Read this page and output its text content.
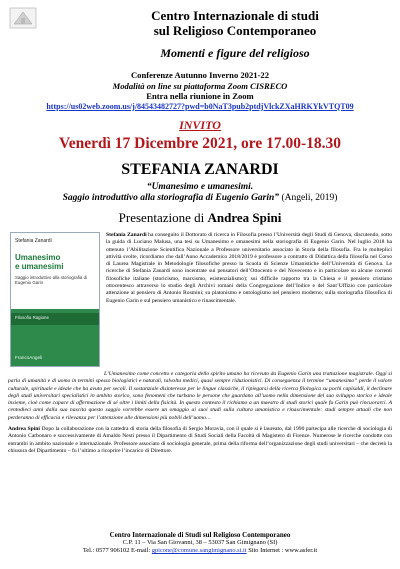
Centro Internazionale di studi
sul Religioso Contemporaneo
Momenti e figure del religioso
Conferenze Autunno Inverno 2021-22
Modalità on line su piattaforma Zoom CISRECO
Entra nella riunione in Zoom
https://us02web.zoom.us/j/84543482727?pwd=b0NaT3pub2ptdjVlckZXaHRKYkVTQT09
INVITO
Venerdì 17 Dicembre 2021, ore 17.00-18.30
STEFANIA ZANARDI
“Umanesimo e umanesimi.
Saggio introduttivo alla storiografia di Eugenio Garin” (Angeli, 2019)
Presentazione di Andrea Spini
Stefania Zanardi
Umanesimo
e umanesimi
Saggio introduttivo alla storiografia di Eugenio Garin
Filosofia Ragione
FrancoAngeli
Stefania Zanardi ha conseguito il Dottorato di ricerca in Filosofia presso l’Università degli Studi di Genova, discutendo, sotto la guida di Luciano Malusa, una tesi su Umanesimo e umanesimi nella storiografia di Eugenio Garin. Nel luglio 2018 ha ottenuto l’Abilitazione Scientifica Nazionale a Professore universitario associato in Storia della filosofia. Fra le molteplici attività svolte, ricordiamo che dall’Anno Accademico 2018/2019 è professore a contratto di Didattica della filosofia nel Corso di Laurea Magistrale in Metodologie filosofiche presso la Scuola di Scienze Umanistiche dell’Università di Genova. Le ricerche di Stefania Zanardi sono incentrate sui pensatori dell’Ottocento e del Novecento e in particolare su alcune correnti filosofiche italiane (storicismo, marxismo, esistenzialismo); sui difficile rapporto tra la Chiesa e il pensiero cristiano ottocentesco attraverso lo studio degli Archivi romani della Congregazione dell’Indice e del Sant’Uffizio con particolare attenzione al pensiero di Antonio Rosmini; su platonismo e ontologismo nel pensiero moderno; sulla storiografia filosofica di Eugenio Garin e sul pensiero umanistico e rinascimentale.
L’Umanesimo come concetto e categoria dello spirito umano ha ricevuto da Eugenio Garin una trattazione magistrale. Oggi si parla di umanità e di uomo in termini spesso biologistici e naturali, talvolta medici, quasi sempre riduzionistici. Di conseguenza il termine “umanesimo” perde il valore culturale, spirituale e ideale che ha avuto per secoli. Il sostanziale disinteresse per le lingue classiche, il ripiegarsi della ricerca filologica su pochi capisaldi, il declinare degli studi universitari specialistici in ambito storico, sono fenomeni che turbano le persone che guardano all’uomo nella dimensione del suo sviluppo storico e ideale insieme, cioè come capace di affermazione di sé oltre i limiti della fisicità. In questo contesto il richiamo a un maestro di studi storici quale fu Garin può rincuorarci. A centodieci anni dalla sua nascita questo saggio vorrebbe essere un omaggio ai suoi studi sulla cultura umanistica e rinascimentale: studi sempre attuali che non perderanno di efficacia e rilevanza per l’attenzione alle dimensioni più nobili dell’uomo…
Andrea Spini Dopo la collaborazione con la cattedra di storia della filosofia di Sergio Moravia, con il quale si è laureato, dal 1990 partecipa alle ricerche di sociologia di Antonio Carbonaro e successivamente di Amaldo Nesti presso il Dipartimento di Studi Sociali della Facoltà di Magistero di Firenze. Numerose le ricerche condotte con entrambi in ambito nazionale e internazionale. Professore associato di sociologia generale, prima della riforma dell’organizzazione degli studi universitari – che decretò la chiusura del Dipartimento – fu l’ultimo a ricoprire l’incarico di Direttore.
Centro Internazionale di Studi sul Religioso Contemporaneo
C.P. 11 – Via San Giovanni, 38 – 53037 San Gimignano (SI)
Tel.: 0577 906102 E-mail: gpicone@comune.sangimignano.si.it Sito Internet : www.asfer.it
